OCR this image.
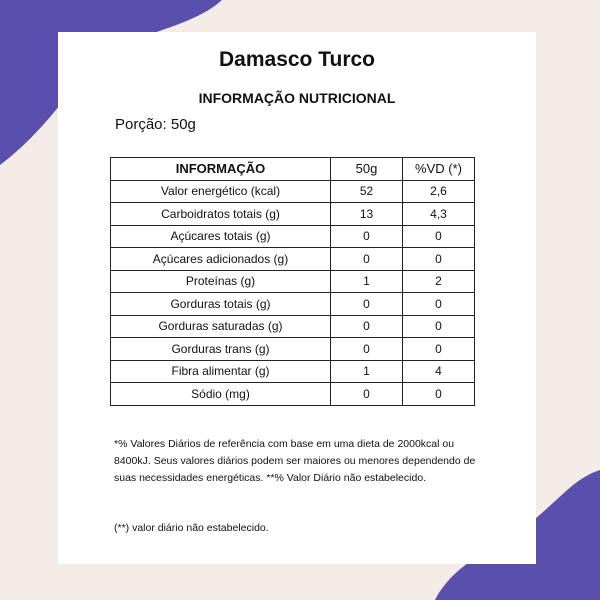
Damasco Turco
INFORMAÇÃO NUTRICIONAL
Porção: 50g
INFORMAÇÃO	50g	%VD (*)
Valor energético (kcal)	52	2,6
Carboidratos totais (g)	13	4,3
Açúcares totais (g)	0	0
Açúcares adicionados (g)	0	0
Proteínas (g)	1	2
Gorduras totais (g)	0	0
Gorduras saturadas (g)	0	0
Gorduras trans (g)	0	0
Fibra alimentar (g)	1	4
Sódio (mg)	0	0
*% Valores Diários de referência com base em uma dieta de 2000kcal ou 8400kJ. Seus valores diários podem ser maiores ou menores dependendo de suas necessidades energéticas. **% Valor Diário não estabelecido.
(**) valor diário não estabelecido.
